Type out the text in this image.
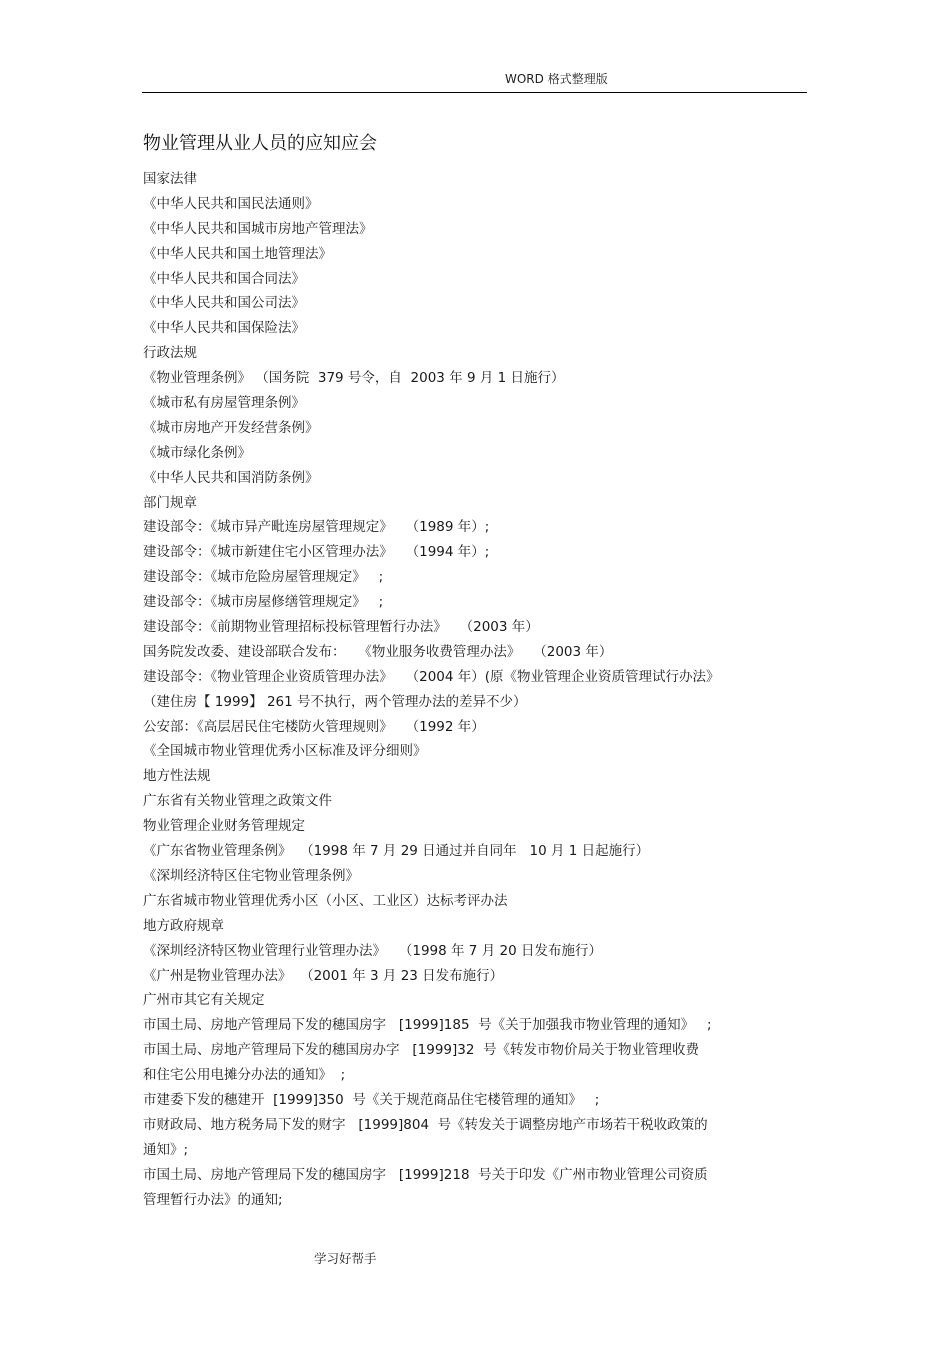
WORD 格式整理版
物业管理从业人员的应知应会
国家法律
《中华人民共和国民法通则》
《中华人民共和国城市房地产管理法》
《中华人民共和国土地管理法》
《中华人民共和国合同法》
《中华人民共和国公司法》
《中华人民共和国保险法》
行政法规
《物业管理条例》 （国务院  379 号令，自  2003 年 9 月 1 日施行）
《城市私有房屋管理条例》
《城市房地产开发经营条例》
《城市绿化条例》
《中华人民共和国消防条例》
部门规章
建设部令：《城市异产毗连房屋管理规定》   （1989 年）;
建设部令：《城市新建住宅小区管理办法》   （1994 年）;
建设部令：《城市危险房屋管理规定》   ;
建设部令：《城市房屋修缮管理规定》   ;
建设部令：《前期物业管理招标投标管理暂行办法》   （2003 年）
国务院发改委、建设部联合发布：   《物业服务收费管理办法》   （2003 年）
建设部令：《物业管理企业资质管理办法》   （2004 年）(原《物业管理企业资质管理试行办法》
（建住房【 1999】 261 号不执行，两个管理办法的差异不少）
公安部：《高层居民住宅楼防火管理规则》   （1992 年）
《全国城市物业管理优秀小区标准及评分细则》
地方性法规
广东省有关物业管理之政策文件
物业管理企业财务管理规定
《广东省物业管理条例》  （1998 年 7 月 29 日通过并自同年   10 月 1 日起施行）
《深圳经济特区住宅物业管理条例》
广东省城市物业管理优秀小区（小区、工业区）达标考评办法
地方政府规章
《深圳经济特区物业管理行业管理办法》   （1998 年 7 月 20 日发布施行）
《广州是物业管理办法》  （2001 年 3 月 23 日发布施行）
广州市其它有关规定
市国土局、房地产管理局下发的穗国房字   [1999]185  号《关于加强我市物业管理的通知》   ;
市国土局、房地产管理局下发的穗国房办字   [1999]32  号《转发市物价局关于物业管理收费
和住宅公用电摊分办法的通知》  ;
市建委下发的穗建开  [1999]350  号《关于规范商品住宅楼管理的通知》   ;
市财政局、地方税务局下发的财字   [1999]804  号《转发关于调整房地产市场若干税收政策的
通知》;
市国土局、房地产管理局下发的穗国房字   [1999]218  号关于印发《广州市物业管理公司资质
管理暂行办法》的通知;
学习好帮手
